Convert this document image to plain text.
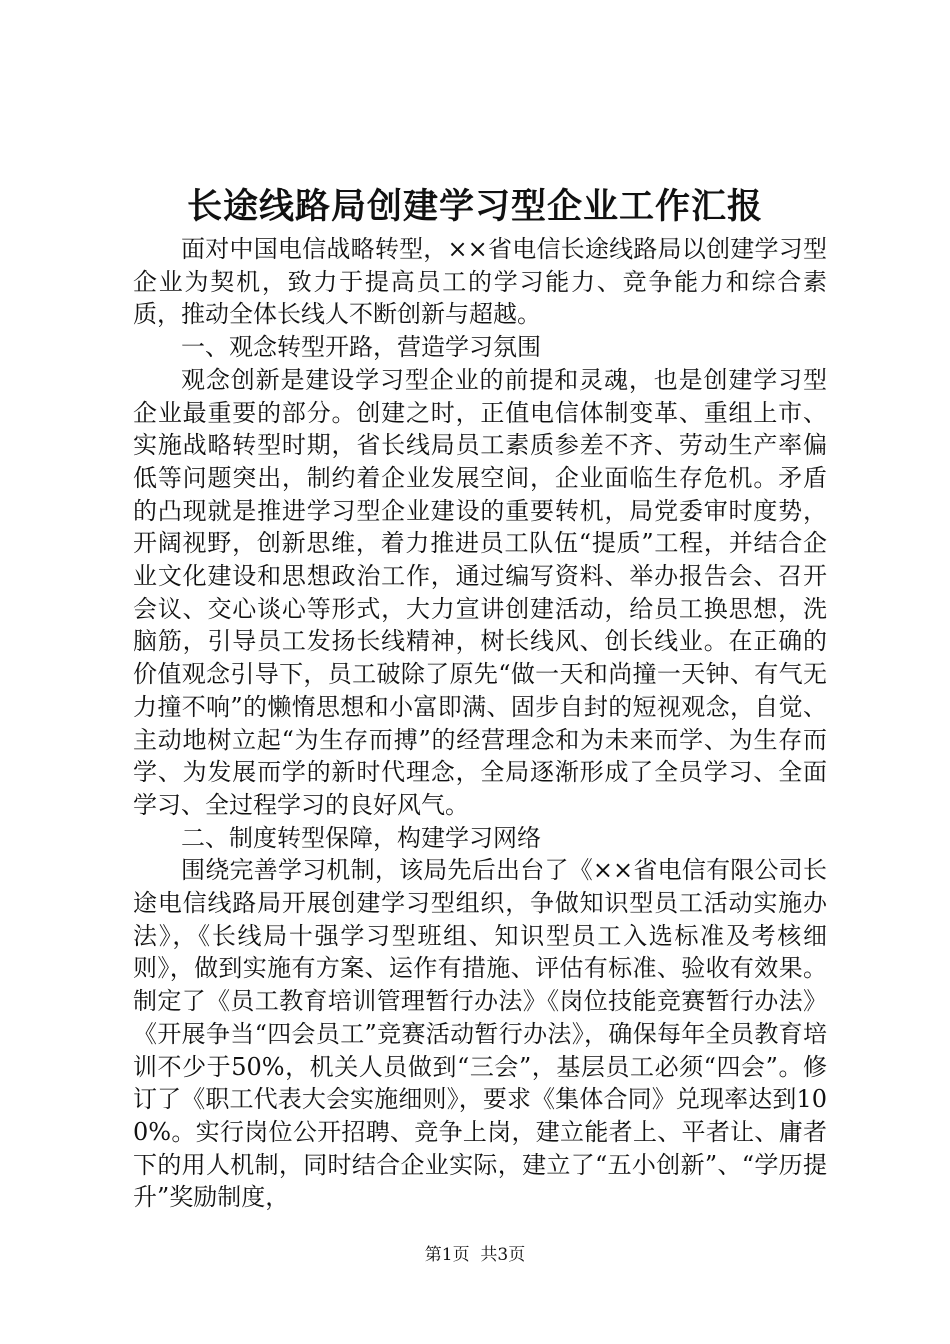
长途线路局创建学习型企业工作汇报

面对中国电信战略转型，××省电信长途线路局以创建学习型企业为契机，致力于提高员工的学习能力、竞争能力和综合素质，推动全体长线人不断创新与超越。

一、观念转型开路，营造学习氛围

观念创新是建设学习型企业的前提和灵魂，也是创建学习型企业最重要的部分。创建之时，正值电信体制变革、重组上市、实施战略转型时期，省长线局员工素质参差不齐、劳动生产率偏低等问题突出，制约着企业发展空间，企业面临生存危机。矛盾的凸现就是推进学习型企业建设的重要转机，局党委审时度势，开阔视野，创新思维，着力推进员工队伍“提质”工程，并结合企业文化建设和思想政治工作，通过编写资料、举办报告会、召开会议、交心谈心等形式，大力宣讲创建活动，给员工换思想，洗脑筋，引导员工发扬长线精神，树长线风、创长线业。在正确的价值观念引导下，员工破除了原先“做一天和尚撞一天钟、有气无力撞不响”的懒惰思想和小富即满、固步自封的短视观念，自觉、主动地树立起“为生存而搏”的经营理念和为未来而学、为生存而学、为发展而学的新时代理念，全局逐渐形成了全员学习、全面学习、全过程学习的良好风气。

二、制度转型保障，构建学习网络

围绕完善学习机制，该局先后出台了《××省电信有限公司长途电信线路局开展创建学习型组织，争做知识型员工活动实施办法》，《长线局十强学习型班组、知识型员工入选标准及考核细则》，做到实施有方案、运作有措施、评估有标准、验收有效果。制定了《员工教育培训管理暂行办法》《岗位技能竞赛暂行办法》《开展争当“四会员工”竞赛活动暂行办法》，确保每年全员教育培训不少于50%，机关人员做到“三会”，基层员工必须“四会”。修订了《职工代表大会实施细则》，要求《集体合同》兑现率达到100%。实行岗位公开招聘、竞争上岗，建立能者上、平者让、庸者下的用人机制，同时结合企业实际，建立了“五小创新”、“学历提升”奖励制度，

第1页 共3页
